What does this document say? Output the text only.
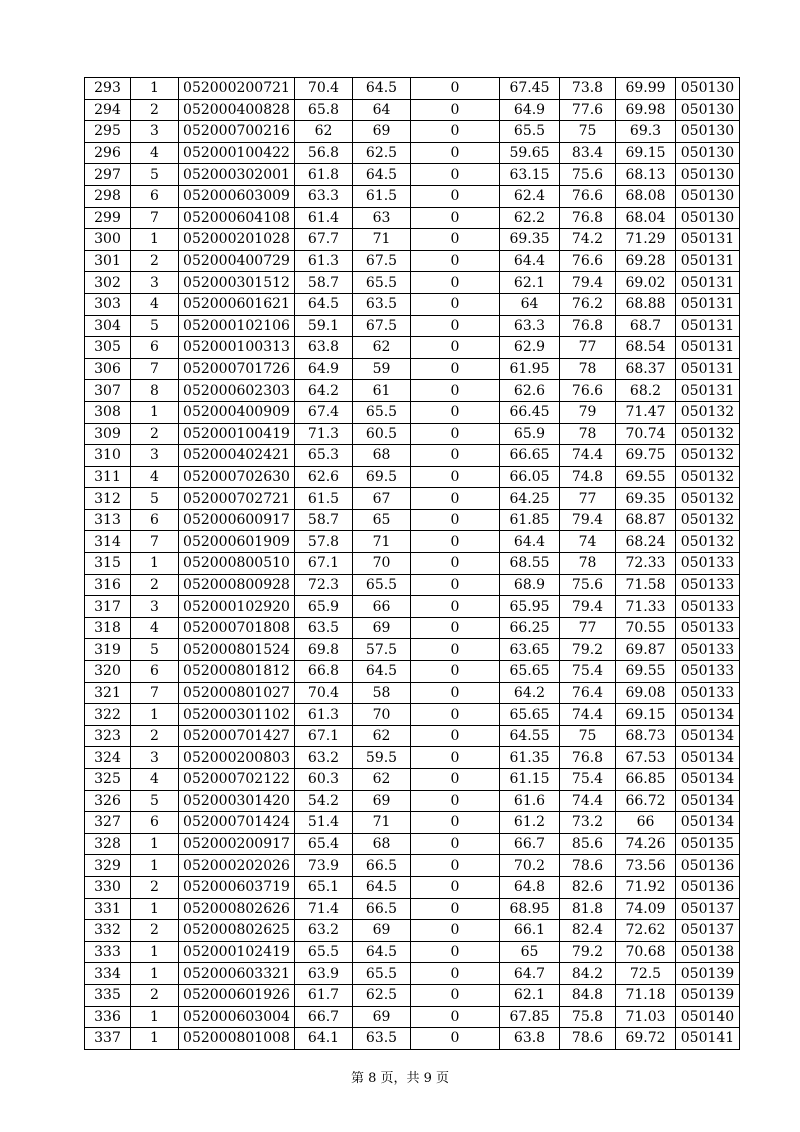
293	1	052000200721	70.4	64.5	0	67.45	73.8	69.99	050130
294	2	052000400828	65.8	64	0	64.9	77.6	69.98	050130
295	3	052000700216	62	69	0	65.5	75	69.3	050130
296	4	052000100422	56.8	62.5	0	59.65	83.4	69.15	050130
297	5	052000302001	61.8	64.5	0	63.15	75.6	68.13	050130
298	6	052000603009	63.3	61.5	0	62.4	76.6	68.08	050130
299	7	052000604108	61.4	63	0	62.2	76.8	68.04	050130
300	1	052000201028	67.7	71	0	69.35	74.2	71.29	050131
301	2	052000400729	61.3	67.5	0	64.4	76.6	69.28	050131
302	3	052000301512	58.7	65.5	0	62.1	79.4	69.02	050131
303	4	052000601621	64.5	63.5	0	64	76.2	68.88	050131
304	5	052000102106	59.1	67.5	0	63.3	76.8	68.7	050131
305	6	052000100313	63.8	62	0	62.9	77	68.54	050131
306	7	052000701726	64.9	59	0	61.95	78	68.37	050131
307	8	052000602303	64.2	61	0	62.6	76.6	68.2	050131
308	1	052000400909	67.4	65.5	0	66.45	79	71.47	050132
309	2	052000100419	71.3	60.5	0	65.9	78	70.74	050132
310	3	052000402421	65.3	68	0	66.65	74.4	69.75	050132
311	4	052000702630	62.6	69.5	0	66.05	74.8	69.55	050132
312	5	052000702721	61.5	67	0	64.25	77	69.35	050132
313	6	052000600917	58.7	65	0	61.85	79.4	68.87	050132
314	7	052000601909	57.8	71	0	64.4	74	68.24	050132
315	1	052000800510	67.1	70	0	68.55	78	72.33	050133
316	2	052000800928	72.3	65.5	0	68.9	75.6	71.58	050133
317	3	052000102920	65.9	66	0	65.95	79.4	71.33	050133
318	4	052000701808	63.5	69	0	66.25	77	70.55	050133
319	5	052000801524	69.8	57.5	0	63.65	79.2	69.87	050133
320	6	052000801812	66.8	64.5	0	65.65	75.4	69.55	050133
321	7	052000801027	70.4	58	0	64.2	76.4	69.08	050133
322	1	052000301102	61.3	70	0	65.65	74.4	69.15	050134
323	2	052000701427	67.1	62	0	64.55	75	68.73	050134
324	3	052000200803	63.2	59.5	0	61.35	76.8	67.53	050134
325	4	052000702122	60.3	62	0	61.15	75.4	66.85	050134
326	5	052000301420	54.2	69	0	61.6	74.4	66.72	050134
327	6	052000701424	51.4	71	0	61.2	73.2	66	050134
328	1	052000200917	65.4	68	0	66.7	85.6	74.26	050135
329	1	052000202026	73.9	66.5	0	70.2	78.6	73.56	050136
330	2	052000603719	65.1	64.5	0	64.8	82.6	71.92	050136
331	1	052000802626	71.4	66.5	0	68.95	81.8	74.09	050137
332	2	052000802625	63.2	69	0	66.1	82.4	72.62	050137
333	1	052000102419	65.5	64.5	0	65	79.2	70.68	050138
334	1	052000603321	63.9	65.5	0	64.7	84.2	72.5	050139
335	2	052000601926	61.7	62.5	0	62.1	84.8	71.18	050139
336	1	052000603004	66.7	69	0	67.85	75.8	71.03	050140
337	1	052000801008	64.1	63.5	0	63.8	78.6	69.72	050141
第 8 页，共 9 页
